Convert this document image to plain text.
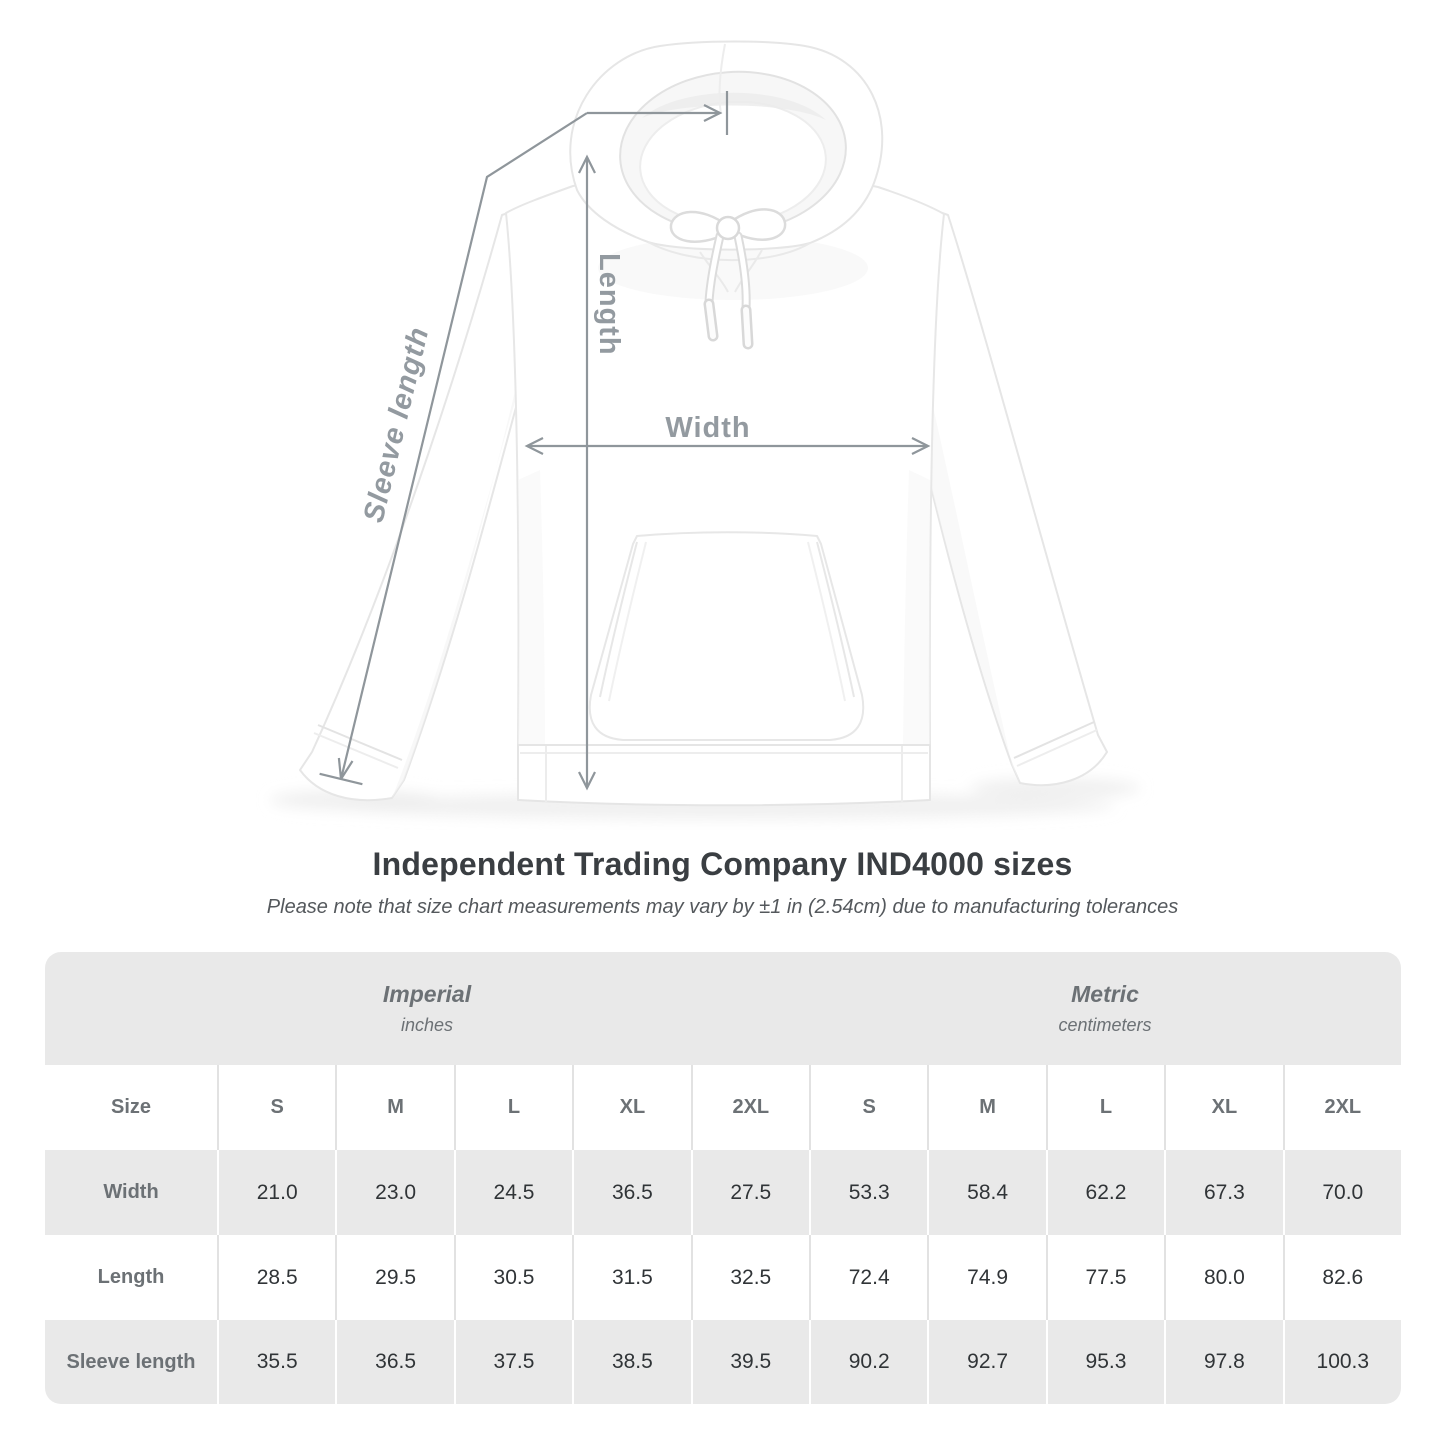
Length
Sleeve length	Width
Independent Trading Company IND4000 sizes
Please note that size chart measurements may vary by ±1 in (2.54cm) due to manufacturing tolerances
Imperial
inches
Metric
centimeters
Size	S	M	L	XL	2XL	S	M	L	XL	2XL
Width	21.0	23.0	24.5	36.5	27.5	53.3	58.4	62.2	67.3	70.0
Length	28.5	29.5	30.5	31.5	32.5	72.4	74.9	77.5	80.0	82.6
Sleeve length	35.5	36.5	37.5	38.5	39.5	90.2	92.7	95.3	97.8	100.3
